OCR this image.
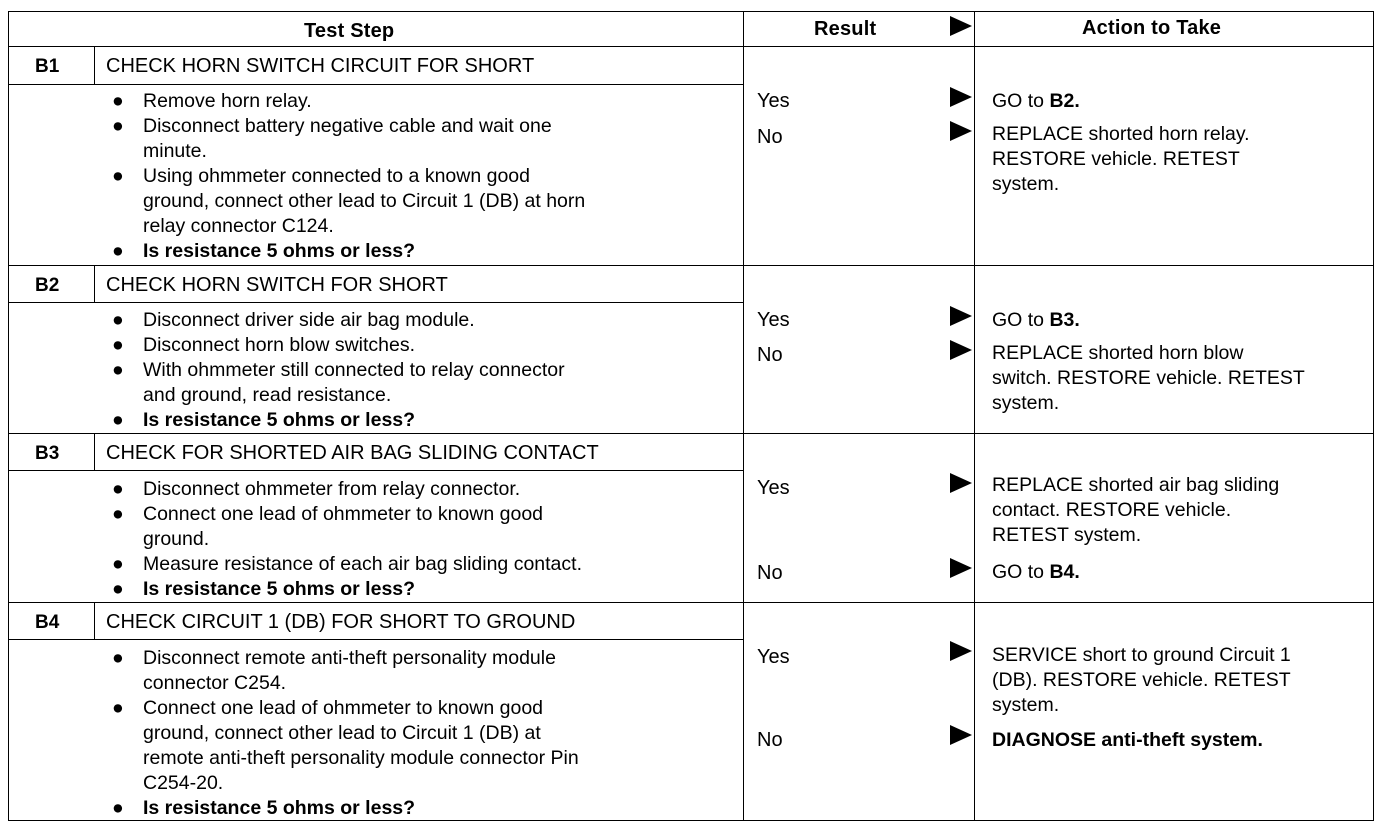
Test Step	Result	Action to Take
B1 CHECK HORN SWITCH CIRCUIT FOR SHORT
● Remove horn relay.
● Disconnect battery negative cable and wait one
minute.
● Using ohmmeter connected to a known good
ground, connect other lead to Circuit 1 (DB) at horn
relay connector C124.
● Is resistance 5 ohms or less?
Yes	GO to B2.
No	REPLACE shorted horn relay.
RESTORE vehicle. RETEST
system.
B2 CHECK HORN SWITCH FOR SHORT
● Disconnect driver side air bag module.
● Disconnect horn blow switches.
● With ohmmeter still connected to relay connector
and ground, read resistance.
● Is resistance 5 ohms or less?
Yes	GO to B3.
No	REPLACE shorted horn blow
switch. RESTORE vehicle. RETEST
system.
B3 CHECK FOR SHORTED AIR BAG SLIDING CONTACT
● Disconnect ohmmeter from relay connector.
● Connect one lead of ohmmeter to known good
ground.
● Measure resistance of each air bag sliding contact.
● Is resistance 5 ohms or less?
Yes	REPLACE shorted air bag sliding
contact. RESTORE vehicle.
RETEST system.
No	GO to B4.
B4 CHECK CIRCUIT 1 (DB) FOR SHORT TO GROUND
● Disconnect remote anti-theft personality module
connector C254.
● Connect one lead of ohmmeter to known good
ground, connect other lead to Circuit 1 (DB) at
remote anti-theft personality module connector Pin
C254-20.
● Is resistance 5 ohms or less?
Yes	SERVICE short to ground Circuit 1
(DB). RESTORE vehicle. RETEST
system.
No	DIAGNOSE anti-theft system.
